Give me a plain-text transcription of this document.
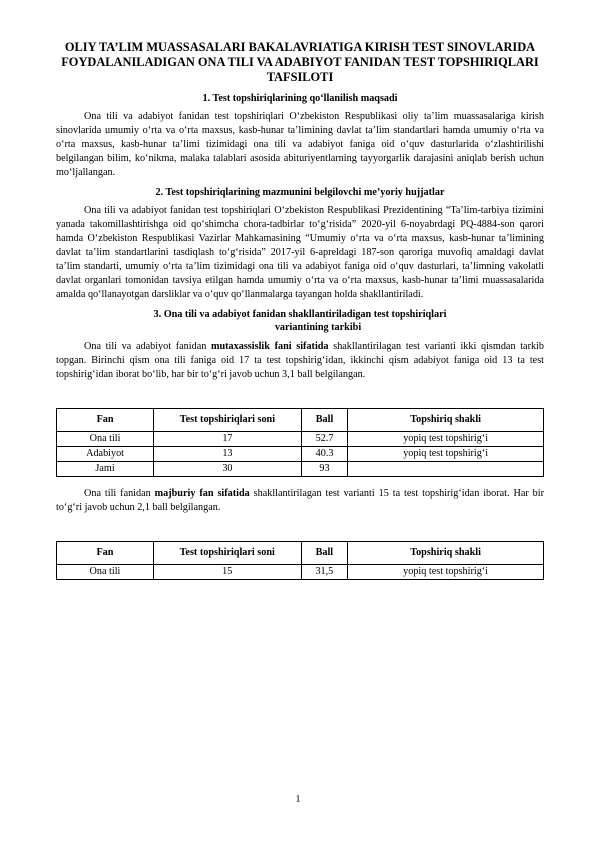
OLIY TA’LIM MUASSASALARI BAKALAVRIATIGA KIRISH TEST SINOVLARIDA FOYDALANILADIGAN ONA TILI VA ADABIYOT FANIDAN TEST TOPSHIRIQLARI TAFSILOTI
1. Test topshiriqlarining qo‘llanilish maqsadi

Ona tili va adabiyot fanidan test topshiriqlari O‘zbekiston Respublikasi oliy ta’lim muassasalariga kirish sinovlarida umumiy o‘rta va o‘rta maxsus, kasb-hunar ta’limining davlat ta’lim standartlari hamda umumiy o‘rta va o‘rta maxsus, kasb-hunar ta’limi tizimidagi ona tili va adabiyot faniga oid o‘quv dasturlarida o‘zlashtirilishi belgilangan bilim, ko‘nikma, malaka talablari asosida abituriyentlarning tayyorgarlik darajasini aniqlab berish uchun mo‘ljallangan.

2. Test topshiriqlarining mazmunini belgilovchi me’yoriy hujjatlar

Ona tili va adabiyot fanidan test topshiriqlari O‘zbekiston Respublikasi Prezidentining “Ta’lim-tarbiya tizimini yanada takomillashtirishga oid qo‘shimcha chora-tadbirlar to‘g‘risida” 2020-yil 6-noyabrdagi PQ-4884-son qarori hamda O‘zbekiston Respublikasi Vazirlar Mahkamasining “Umumiy o‘rta va o‘rta maxsus, kasb-hunar ta’limining davlat ta’lim standartlarini tasdiqlash to‘g‘risida” 2017-yil 6-apreldagi 187-son qaroriga muvofiq amaldagi davlat ta’lim standarti, umumiy o‘rta ta’lim tizimidagi ona tili va adabiyot faniga oid o‘quv dasturlari, ta’limning vakolatli davlat organlari tomonidan tavsiya etilgan hamda umumiy o‘rta va o‘rta maxsus, kasb-hunar ta’limi muassasalarida amalda qo‘llanayotgan darsliklar va o‘quv qo‘llanmalarga tayangan holda shakllantiriladi.

3. Ona tili va adabiyot fanidan shakllantiriladigan test topshiriqlari
variantining tarkibi

Ona tili va adabiyot fanidan mutaxassislik fani sifatida shakllantirilagan test varianti ikki qismdan tarkib topgan. Birinchi qism ona tili faniga oid 17 ta test topshirig‘idan, ikkinchi qism adabiyot faniga oid 13 ta test topshirig‘idan iborat bo‘lib, har bir to‘g‘ri javob uchun 3,1 ball belgilangan.

Fan	Test topshiriqlari soni	Ball	Topshiriq shakli
Ona tili	17	52.7	yopiq test topshirig‘i
Adabiyot	13	40.3	yopiq test topshirig‘i
Jami	30	93	

Ona tili fanidan majburiy fan sifatida shakllantirilagan test varianti 15 ta test topshirig‘idan iborat. Har bir to‘g‘ri javob uchun 2,1 ball belgilangan.

Fan	Test topshiriqlari soni	Ball	Topshiriq shakli
Ona tili	15	31,5	yopiq test topshirig‘i
1
